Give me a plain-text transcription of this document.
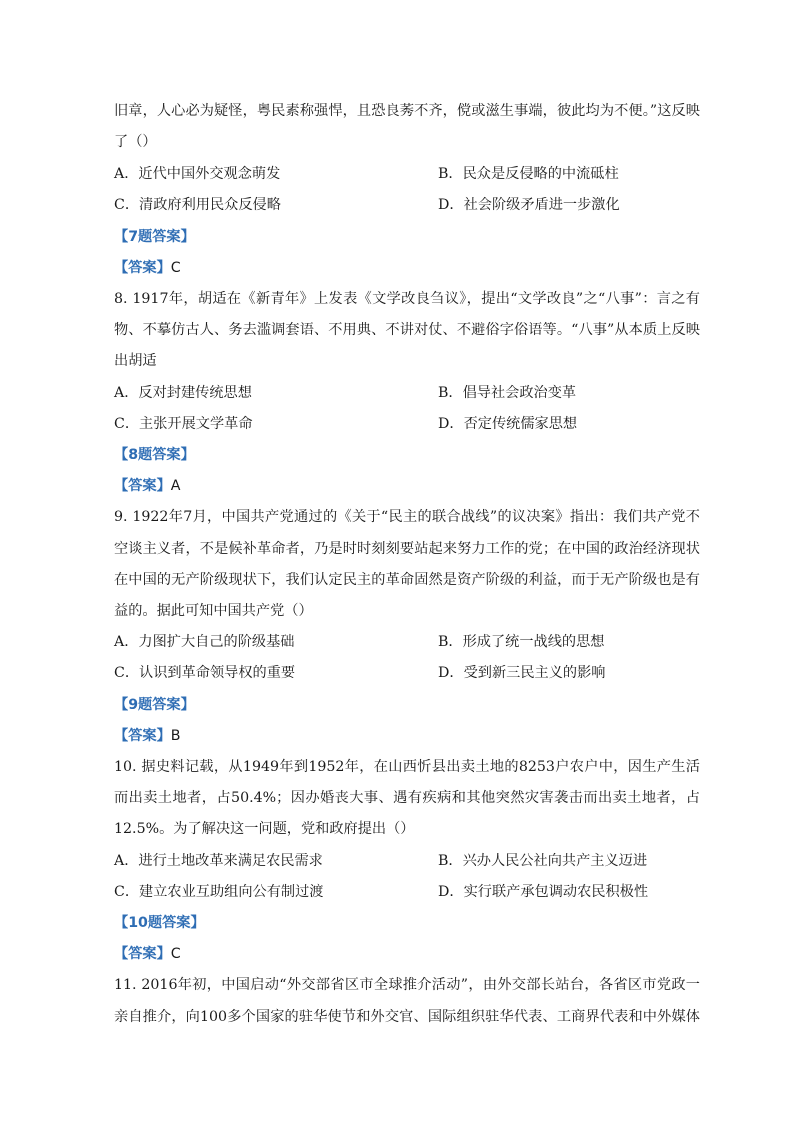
旧章，人心必为疑怪，粤民素称强悍，且恐良莠不齐，傥或滋生事端，彼此均为不便。”这反映
了（）
A．近代中国外交观念萌发	B．民众是反侵略的中流砥柱
C．清政府利用民众反侵略	D．社会阶级矛盾进一步激化
【7题答案】
【答案】C
8. 1917年，胡适在《新青年》上发表《文学改良刍议》，提出“文学改良”之“八事”：言之有
物、不摹仿古人、务去滥调套语、不用典、不讲对仗、不避俗字俗语等。“八事”从本质上反映
出胡适
A．反对封建传统思想	B．倡导社会政治变革
C．主张开展文学革命	D．否定传统儒家思想
【8题答案】
【答案】A
9. 1922年7月，中国共产党通过的《关于“民主的联合战线”的议决案》指出：我们共产党不
空谈主义者，不是候补革命者，乃是时时刻刻要站起来努力工作的党；在中国的政治经济现状
在中国的无产阶级现状下，我们认定民主的革命固然是资产阶级的利益，而于无产阶级也是有
益的。据此可知中国共产党（）
A．力图扩大自己的阶级基础	B．形成了统一战线的思想
C．认识到革命领导权的重要	D．受到新三民主义的影响
【9题答案】
【答案】B
10. 据史料记载，从1949年到1952年，在山西忻县出卖土地的8253户农户中，因生产生活
而出卖土地者，占50.4%；因办婚丧大事、遇有疾病和其他突然灾害袭击而出卖土地者，占
12.5%。为了解决这一问题，党和政府提出（）
A．进行土地改革来满足农民需求	B．兴办人民公社向共产主义迈进
C．建立农业互助组向公有制过渡	D．实行联产承包调动农民积极性
【10题答案】
【答案】C
11. 2016年初，中国启动“外交部省区市全球推介活动”，由外交部长站台，各省区市党政一
亲自推介，向100多个国家的驻华使节和外交官、国际组织驻华代表、工商界代表和中外媒体
